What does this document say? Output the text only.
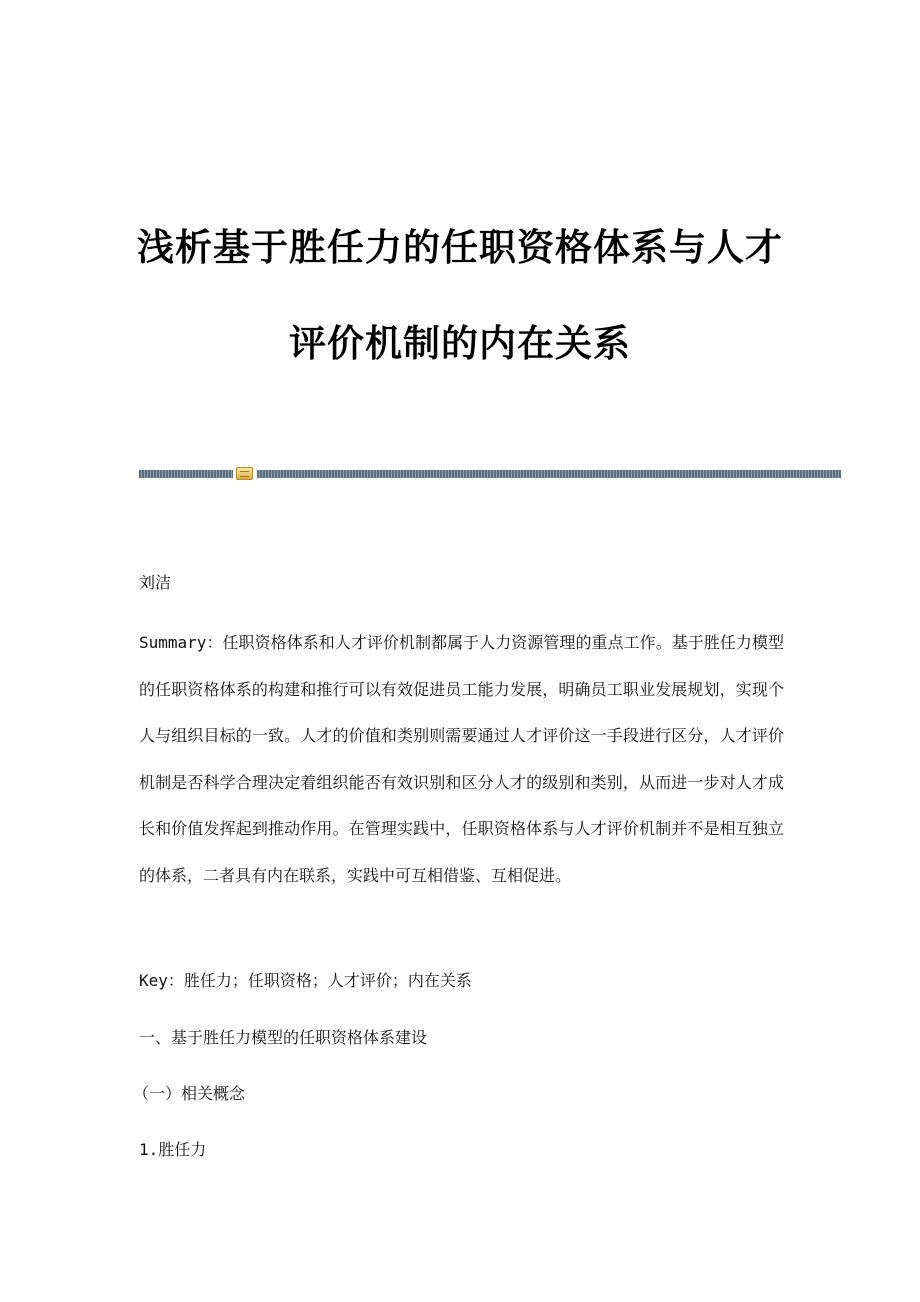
浅析基于胜任力的任职资格体系与人才
评价机制的内在关系

刘洁

Summary：任职资格体系和人才评价机制都属于人力资源管理的重点工作。基于胜任力模型的任职资格体系的构建和推行可以有效促进员工能力发展，明确员工职业发展规划，实现个人与组织目标的一致。人才的价值和类别则需要通过人才评价这一手段进行区分，人才评价机制是否科学合理决定着组织能否有效识别和区分人才的级别和类别，从而进一步对人才成长和价值发挥起到推动作用。在管理实践中，任职资格体系与人才评价机制并不是相互独立的体系，二者具有内在联系，实践中可互相借鉴、互相促进。

Key：胜任力；任职资格；人才评价；内在关系

一、基于胜任力模型的任职资格体系建设

（一）相关概念

1.胜任力
